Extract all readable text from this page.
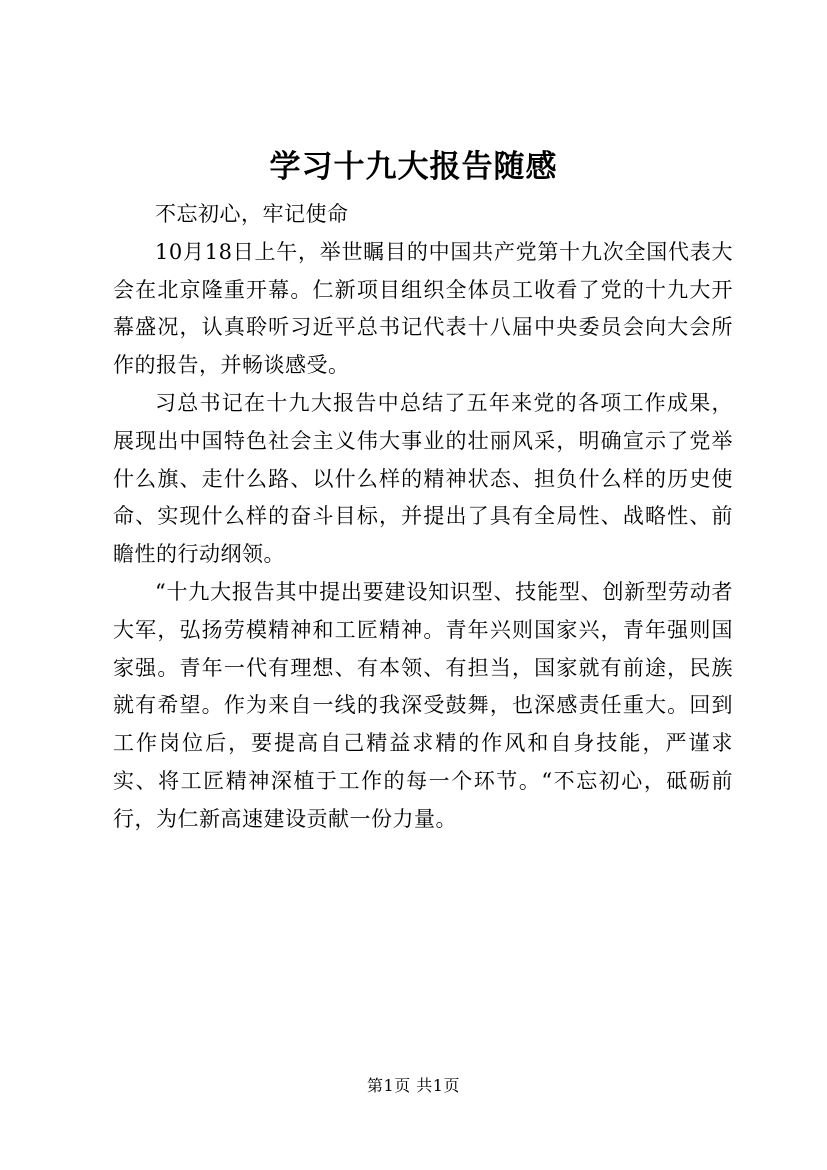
学习十九大报告随感

不忘初心，牢记使命

10月18日上午，举世瞩目的中国共产党第十九次全国代表大会在北京隆重开幕。仁新项目组织全体员工收看了党的十九大开幕盛况，认真聆听习近平总书记代表十八届中央委员会向大会所作的报告，并畅谈感受。

习总书记在十九大报告中总结了五年来党的各项工作成果，展现出中国特色社会主义伟大事业的壮丽风采，明确宣示了党举什么旗、走什么路、以什么样的精神状态、担负什么样的历史使命、实现什么样的奋斗目标，并提出了具有全局性、战略性、前瞻性的行动纲领。

“十九大报告其中提出要建设知识型、技能型、创新型劳动者大军，弘扬劳模精神和工匠精神。青年兴则国家兴，青年强则国家强。青年一代有理想、有本领、有担当，国家就有前途，民族就有希望。作为来自一线的我深受鼓舞，也深感责任重大。回到工作岗位后，要提高自己精益求精的作风和自身技能，严谨求实、将工匠精神深植于工作的每一个环节。“不忘初心，砥砺前行，为仁新高速建设贡献一份力量。

第1页 共1页
